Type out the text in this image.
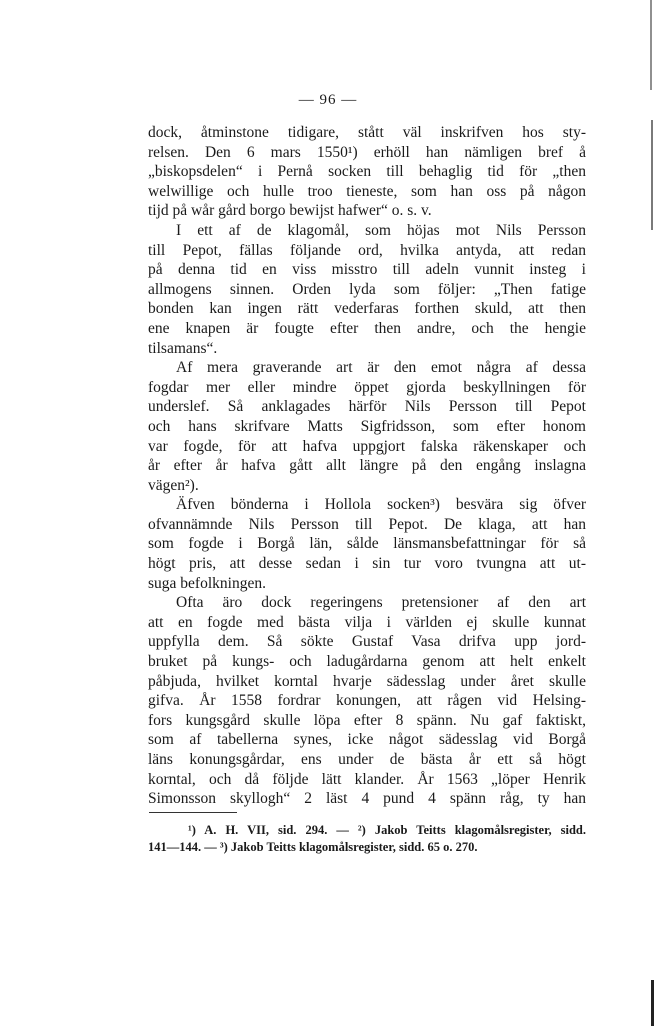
— 96 —
dock, åtminstone tidigare, stått väl inskrifven hos sty-
relsen. Den 6 mars 1550¹) erhöll han nämligen bref å
„biskopsdelen“ i Pernå socken till behaglig tid för „then
welwillige och hulle troo tieneste, som han oss på någon
tijd på wår gård borgo bewijst hafwer“ o. s. v.
I ett af de klagomål, som höjas mot Nils Persson
till Pepot, fällas följande ord, hvilka antyda, att redan
på denna tid en viss misstro till adeln vunnit insteg i
allmogens sinnen. Orden lyda som följer: „Then fatige
bonden kan ingen rätt vederfaras forthen skuld, att then
ene knapen är fougte efter then andre, och the hengie
tilsamans“.
Af mera graverande art är den emot några af dessa
fogdar mer eller mindre öppet gjorda beskyllningen för
underslef. Så anklagades härför Nils Persson till Pepot
och hans skrifvare Matts Sigfridsson, som efter honom
var fogde, för att hafva uppgjort falska räkenskaper och
år efter år hafva gått allt längre på den engång inslagna
vägen²).
Äfven bönderna i Hollola socken³) besvära sig öfver
ofvannämnde Nils Persson till Pepot. De klaga, att han
som fogde i Borgå län, sålde länsmansbefattningar för så
högt pris, att desse sedan i sin tur voro tvungna att ut-
suga befolkningen.
Ofta äro dock regeringens pretensioner af den art
att en fogde med bästa vilja i världen ej skulle kunnat
uppfylla dem. Så sökte Gustaf Vasa drifva upp jord-
bruket på kungs- och ladugårdarna genom att helt enkelt
påbjuda, hvilket korntal hvarje sädesslag under året skulle
gifva. År 1558 fordrar konungen, att rågen vid Helsing-
fors kungsgård skulle löpa efter 8 spänn. Nu gaf faktiskt,
som af tabellerna synes, icke något sädesslag vid Borgå
läns konungsgårdar, ens under de bästa år ett så högt
korntal, och då följde lätt klander. År 1563 „löper Henrik
Simonsson skyllogh“ 2 läst 4 pund 4 spänn råg, ty han
¹) A. H. VII, sid. 294. — ²) Jakob Teitts klagomålsregister, sidd.
141—144. — ³) Jakob Teitts klagomålsregister, sidd. 65 o. 270.
